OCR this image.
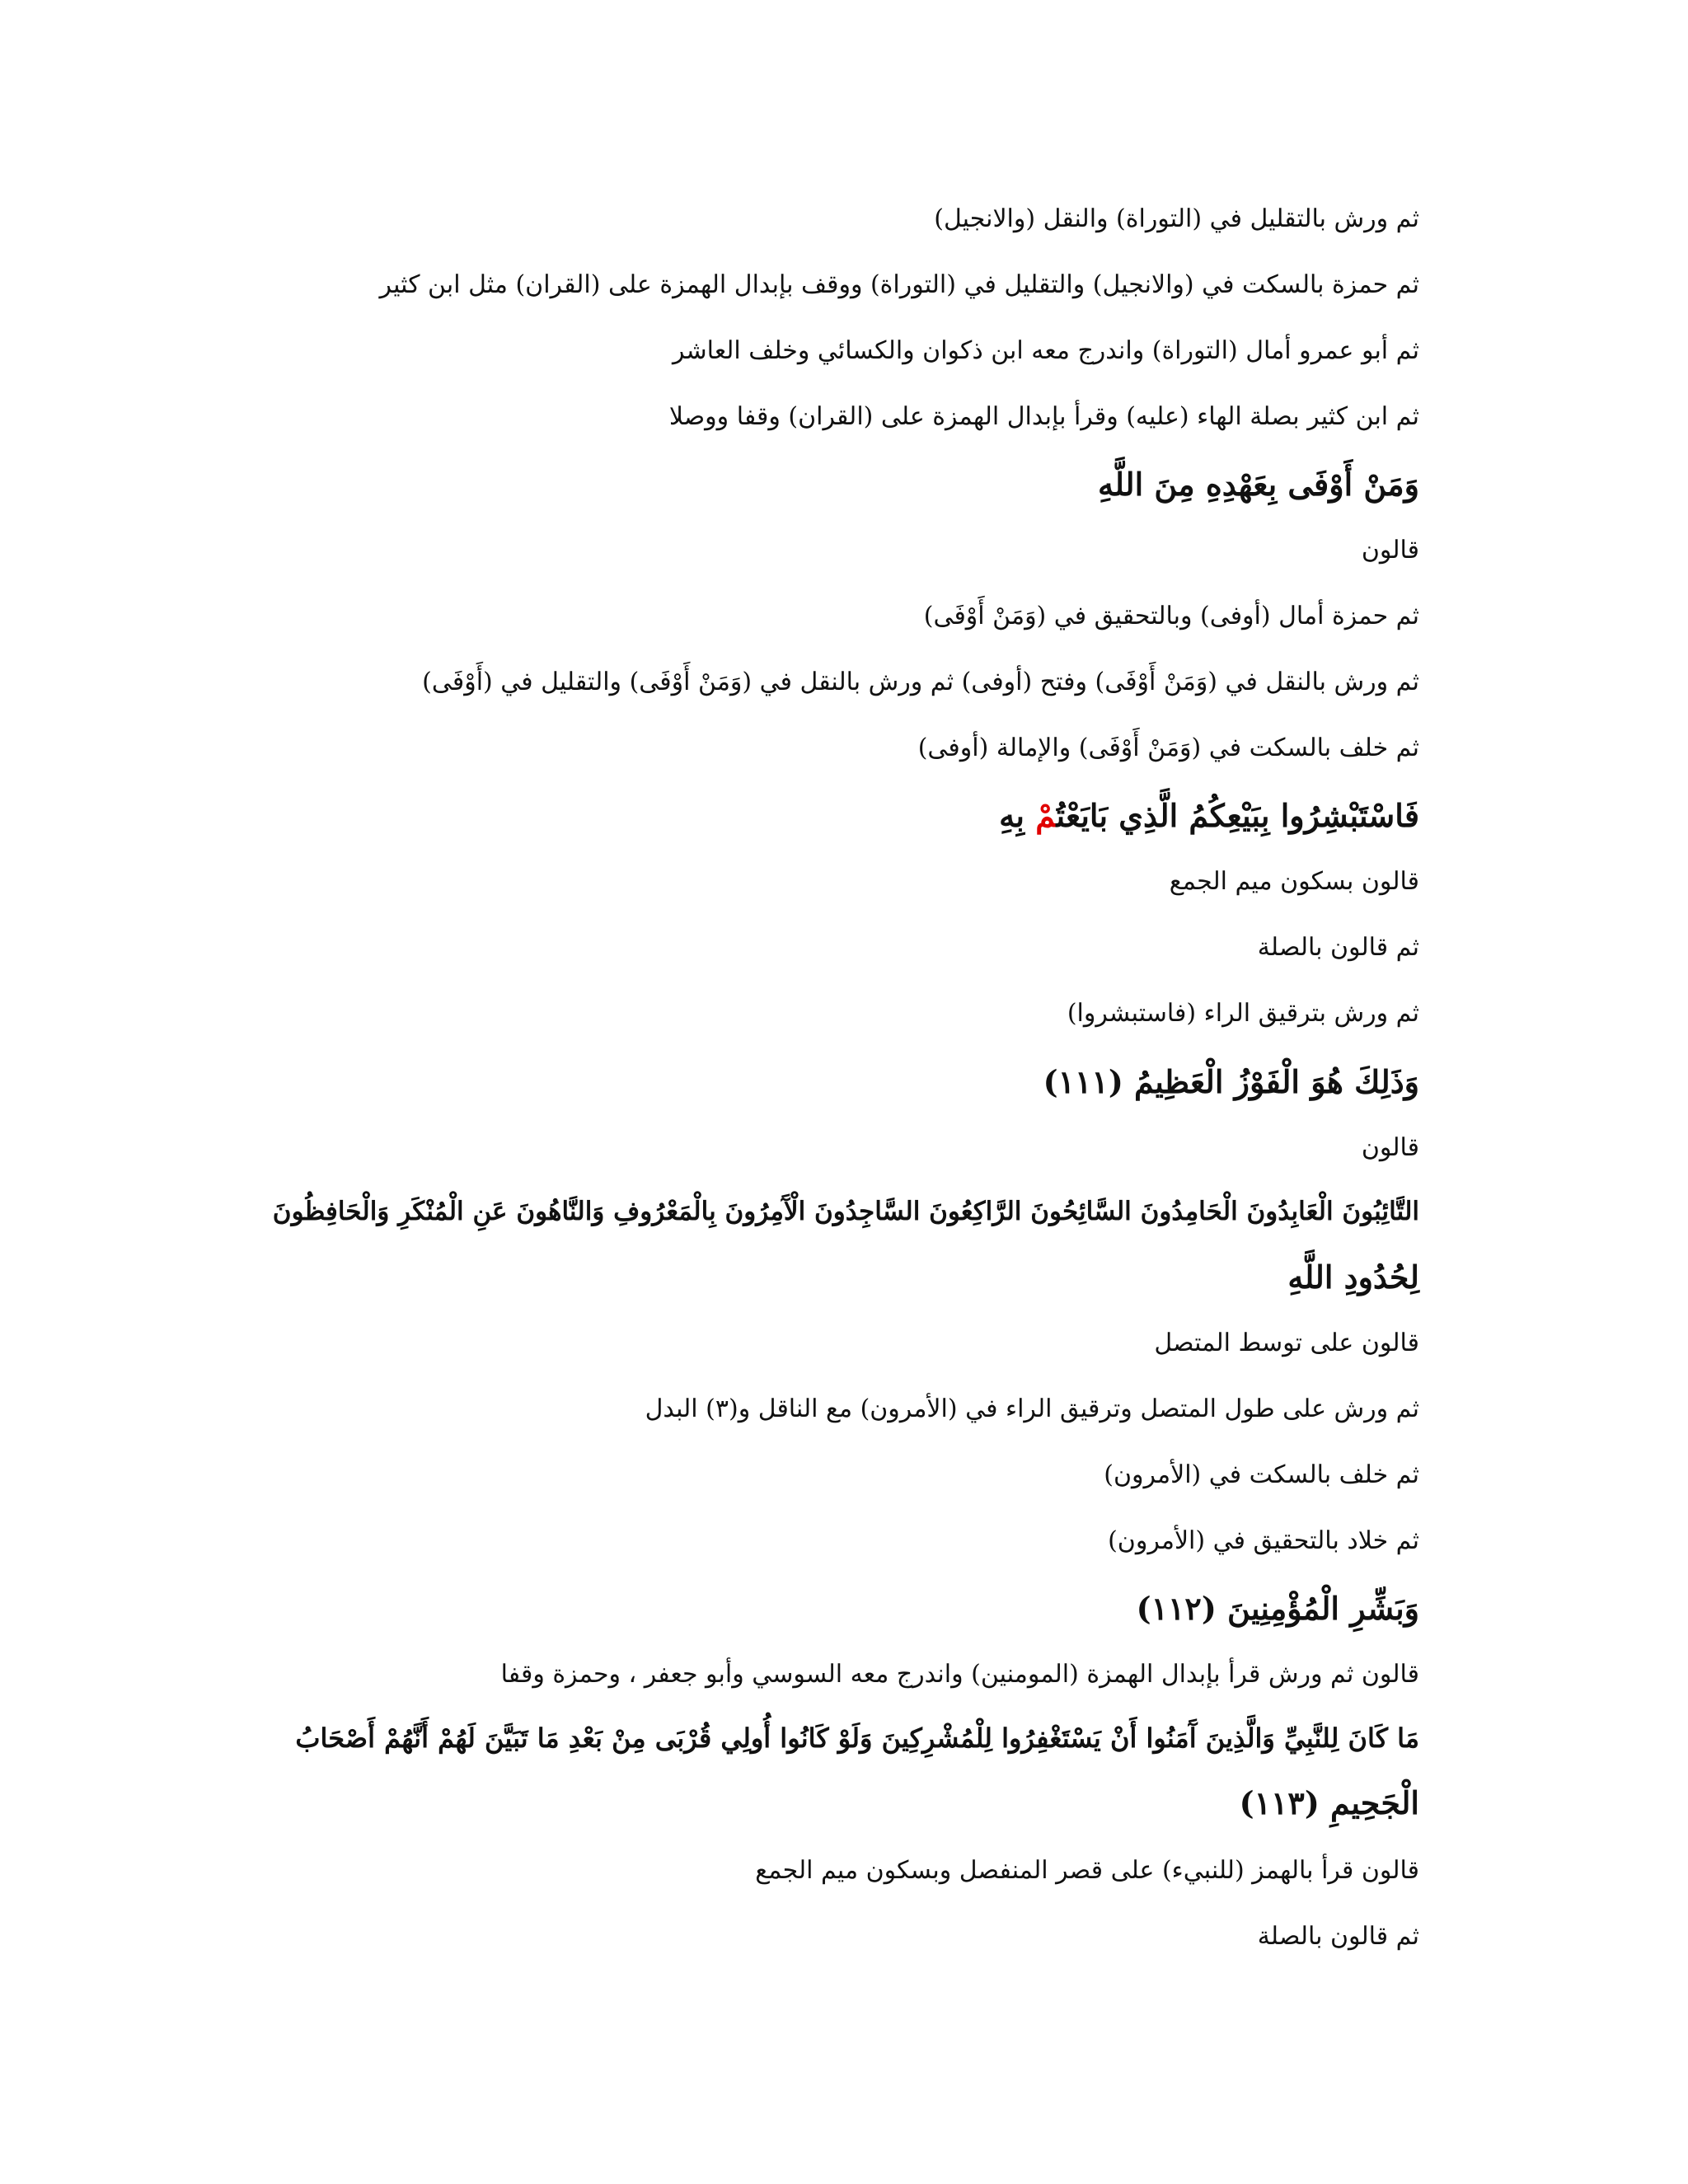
ثم ورش بالتقليل في (التوراة) والنقل (والانجيل)
ثم حمزة بالسكت في (والانجيل) والتقليل في (التوراة) ووقف بإبدال الهمزة على (القران) مثل ابن كثير
ثم أبو عمرو أمال (التوراة) واندرج معه ابن ذكوان والكسائي وخلف العاشر
ثم ابن كثير بصلة الهاء (عليه) وقرأ بإبدال الهمزة على (القران) وقفا ووصلا
وَمَنْ أَوْفَى بِعَهْدِهِ مِنَ اللَّهِ
قالون
ثم حمزة أمال (أوفى) وبالتحقيق في (وَمَنْ أَوْفَى)
ثم ورش بالنقل في (وَمَنْ أَوْفَى) وفتح (أوفى) ثم ورش بالنقل في (وَمَنْ أَوْفَى) والتقليل في (أَوْفَى)
ثم خلف بالسكت في (وَمَنْ أَوْفَى) والإمالة (أوفى)
فَاسْتَبْشِرُوا بِبَيْعِكُمُ الَّذِي بَايَعْتُمْ بِهِ
قالون بسكون ميم الجمع
ثم قالون بالصلة
ثم ورش بترقيق الراء (فاستبشروا)
وَذَلِكَ هُوَ الْفَوْزُ الْعَظِيمُ (١١١)
قالون
التَّائِبُونَ الْعَابِدُونَ الْحَامِدُونَ السَّائِحُونَ الرَّاكِعُونَ السَّاجِدُونَ الْآَمِرُونَ بِالْمَعْرُوفِ وَالنَّاهُونَ عَنِ الْمُنْكَرِ وَالْحَافِظُونَ
لِحُدُودِ اللَّهِ
قالون على توسط المتصل
ثم ورش على طول المتصل وترقيق الراء في (الأمرون) مع الناقل و(٣) البدل
ثم خلف بالسكت في (الأمرون)
ثم خلاد بالتحقيق في (الأمرون)
وَبَشِّرِ الْمُؤْمِنِينَ (١١٢)
قالون ثم ورش قرأ بإبدال الهمزة (المومنين) واندرج معه السوسي وأبو جعفر ، وحمزة وقفا
مَا كَانَ لِلنَّبِيِّ وَالَّذِينَ آَمَنُوا أَنْ يَسْتَغْفِرُوا لِلْمُشْرِكِينَ وَلَوْ كَانُوا أُولِي قُرْبَى مِنْ بَعْدِ مَا تَبَيَّنَ لَهُمْ أَنَّهُمْ أَصْحَابُ
الْجَحِيمِ (١١٣)
قالون قرأ بالهمز (للنبيء) على قصر المنفصل وبسكون ميم الجمع
ثم قالون بالصلة
